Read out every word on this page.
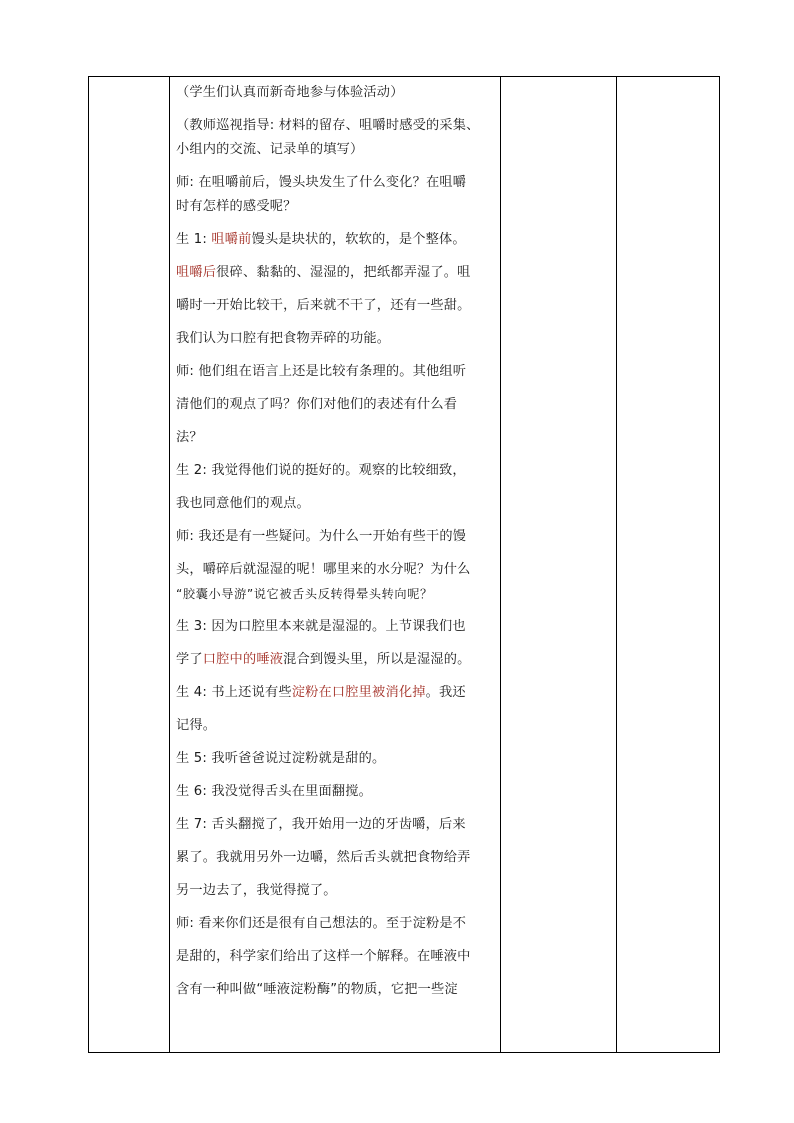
（学生们认真而新奇地参与体验活动）
（教师巡视指导: 材料的留存、咀嚼时感受的采集、
小组内的交流、记录单的填写）
师: 在咀嚼前后，馒头块发生了什么变化？在咀嚼
时有怎样的感受呢？
生 1: 咀嚼前馒头是块状的，软软的，是个整体。
咀嚼后很碎、黏黏的、湿湿的，把纸都弄湿了。咀
嚼时一开始比较干，后来就不干了，还有一些甜。
我们认为口腔有把食物弄碎的功能。
师: 他们组在语言上还是比较有条理的。其他组听
清他们的观点了吗？你们对他们的表述有什么看
法？
生 2: 我觉得他们说的挺好的。观察的比较细致，
我也同意他们的观点。
师: 我还是有一些疑问。为什么一开始有些干的馒
头，嚼碎后就湿湿的呢！哪里来的水分呢？为什么
“胶囊小导游”说它被舌头反转得晕头转向呢？
生 3: 因为口腔里本来就是湿湿的。上节课我们也
学了口腔中的唾液混合到馒头里，所以是湿湿的。
生 4: 书上还说有些淀粉在口腔里被消化掉。我还
记得。
生 5: 我听爸爸说过淀粉就是甜的。
生 6: 我没觉得舌头在里面翻搅。
生 7: 舌头翻搅了，我开始用一边的牙齿嚼，后来
累了。我就用另外一边嚼，然后舌头就把食物给弄
另一边去了，我觉得搅了。
师: 看来你们还是很有自己想法的。至于淀粉是不
是甜的，科学家们给出了这样一个解释。在唾液中
含有一种叫做“唾液淀粉酶”的物质，它把一些淀
